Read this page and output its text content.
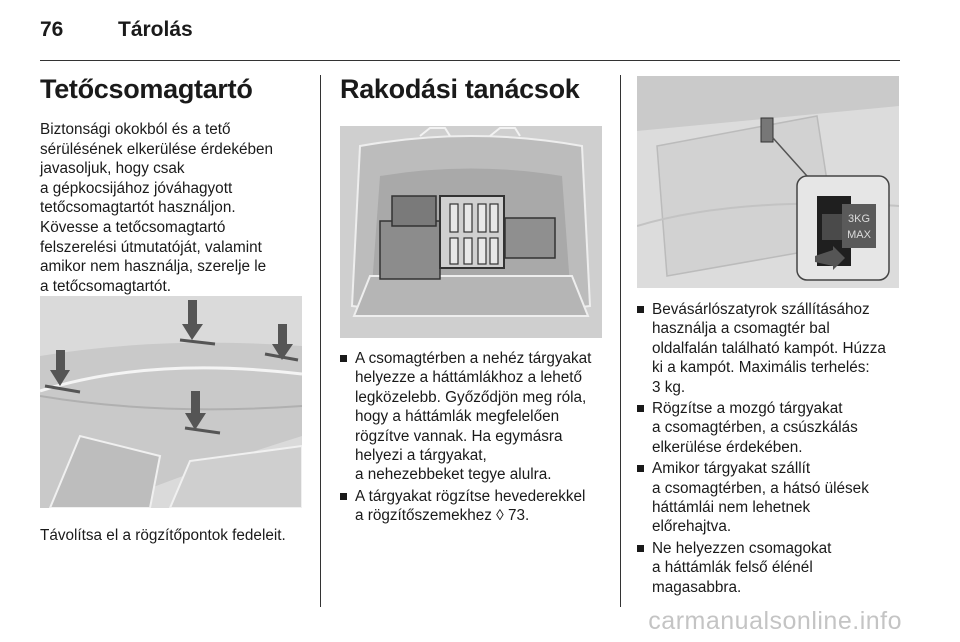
76	Tárolás
Tetőcsomagtartó

Biztonsági okokból és a tető
sérülésének elkerülése érdekében
javasoljuk, hogy csak
a gépkocsijához jóváhagyott
tetőcsomagtartót használjon.

Kövesse a tetőcsomagtartó
felszerelési útmutatóját, valamint
amikor nem használja, szerelje le
a tetőcsomagtartót.

Távolítsa el a rögzítőpontok fedeleit.

Rakodási tanácsok
A csomagtérben a nehéz tárgyakat
helyezze a háttámlákhoz a lehető
legközelebb. Győződjön meg róla,
hogy a háttámlák megfelelően
rögzítve vannak. Ha egymásra
helyezi a tárgyakat,
a nehezebbeket tegye alulra.
A tárgyakat rögzítse hevederekkel
a rögzítőszemekhez ◊ 73.
3KG
MAX
Bevásárlószatyrok szállításához
használja a csomagtér bal
oldalfalán található kampót. Húzza
ki a kampót. Maximális terhelés:
3 kg.
Rögzítse a mozgó tárgyakat
a csomagtérben, a csúszkálás
elkerülése érdekében.
Amikor tárgyakat szállít
a csomagtérben, a hátsó ülések
háttámlái nem lehetnek
előrehajtva.
Ne helyezzen csomagokat
a háttámlák felső élénél
magasabbra.
carmanualsonline.info
